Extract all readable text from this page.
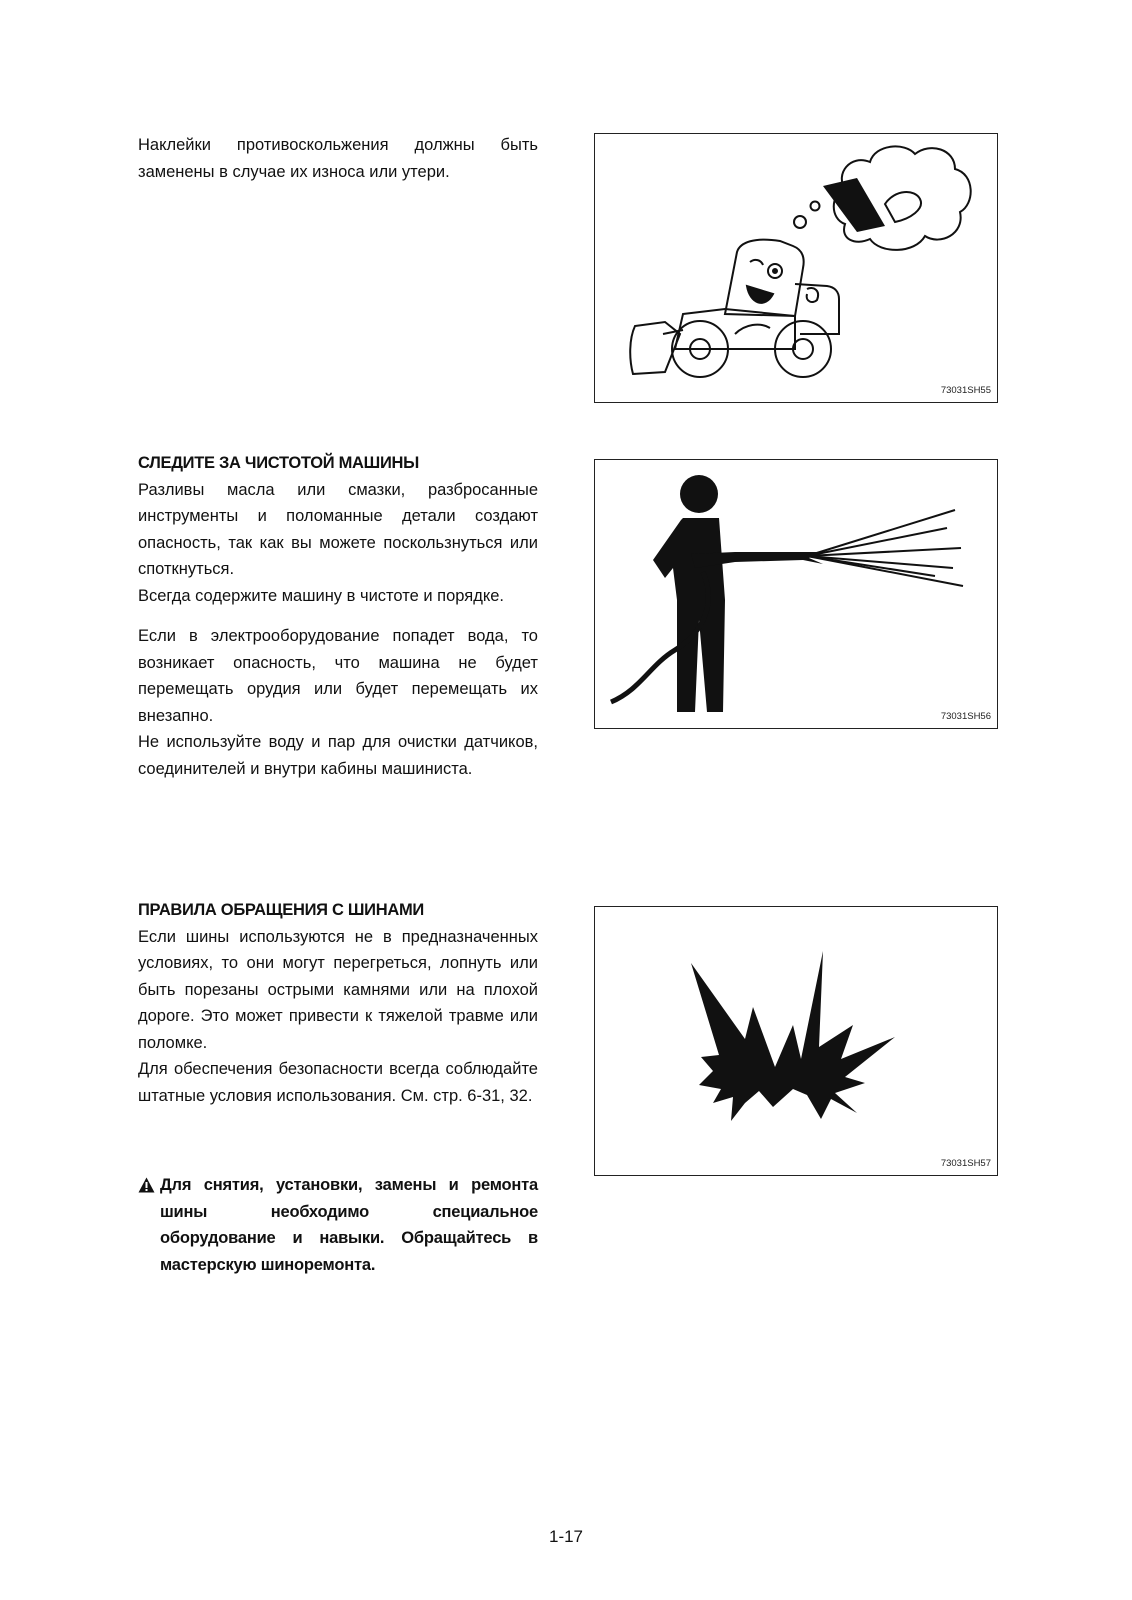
Наклейки противоскольжения должны быть заменены в случае их износа или утери.

73031SH55
СЛЕДИТЕ ЗА ЧИСТОТОЙ МАШИНЫ

Разливы масла или смазки, разбросанные инструменты и поломанные детали создают опасность, так как вы можете поскользнуться или споткнуться.

Всегда содержите машину в чистоте и порядке.

Если в электрооборудование попадет вода, то возникает опасность, что машина не будет перемещать орудия или будет перемещать их внезапно.

Не используйте воду и пар для очистки датчиков, соединителей и внутри кабины машиниста.

73031SH56
ПРАВИЛА ОБРАЩЕНИЯ С ШИНАМИ

Если шины используются не в предназначенных условиях, то они могут перегреться, лопнуть или быть порезаны острыми камнями или на плохой дороге. Это может привести к тяжелой травме или поломке.

Для обеспечения безопасности всегда соблюдайте штатные условия использования. См. стр. 6-31, 32.

73031SH57

Для снятия, установки, замены и ремонта шины необходимо специальное оборудование и навыки. Обращайтесь в мастерскую шиноремонта.

1-17
